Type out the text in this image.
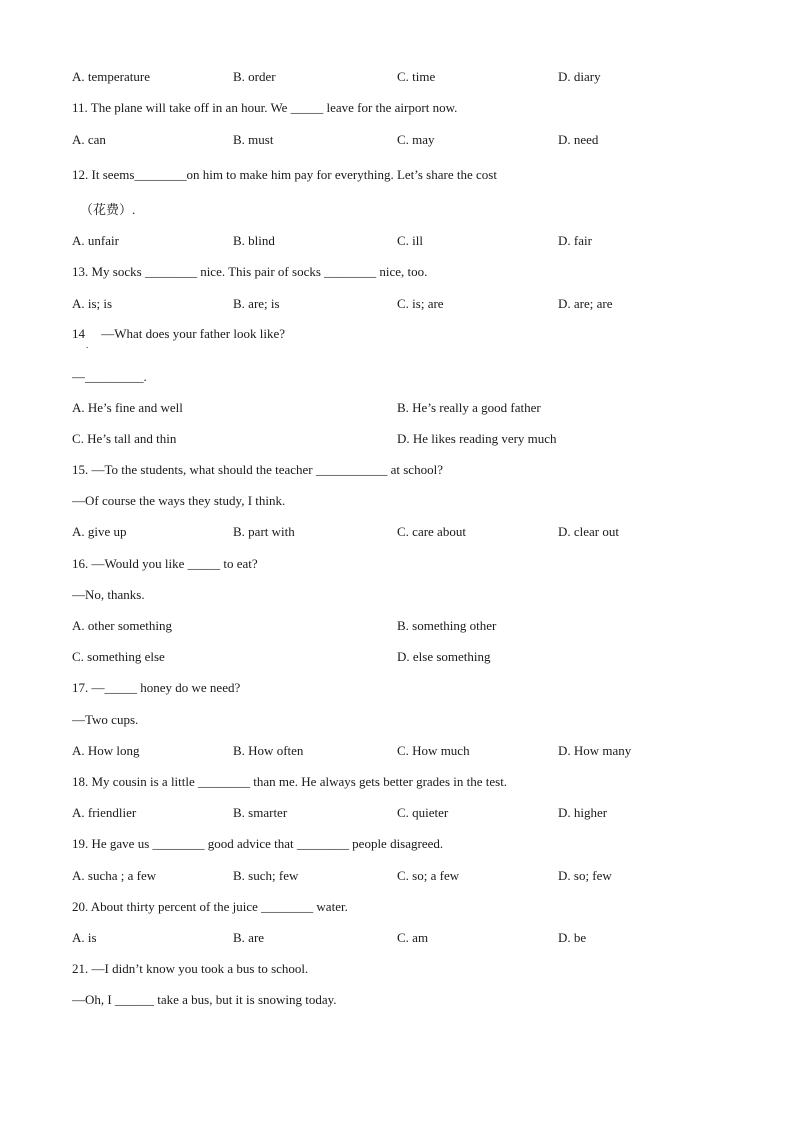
A. temperature	B. order	C. time	D. diary
11. The plane will take off in an hour. We _____ leave for the airport now.
A. can	B. must	C. may	D. need
12. It seems________on him to make him pay for everything. Let’s share the cost
（花费）.
A. unfair	B. blind	C. ill	D. fair
13. My socks ________ nice. This pair of socks ________ nice, too.
A. is; is	B. are; is	C. is; are	D. are; are
14 　—What does your father look like?
.
—_________.
A. He’s fine and well	B. He’s really a good father
C. He’s tall and thin	D. He likes reading very much
15. —To the students, what should the teacher ___________ at school?
—Of course the ways they study, I think.
A. give up	B. part with	C. care about	D. clear out
16. —Would you like _____ to eat?
—No, thanks.
A. other something	B. something other
C. something else	D. else something
17. —_____ honey do we need?
—Two cups.
A. How long	B. How often	C. How much	D. How many
18. My cousin is a little ________ than me. He always gets better grades in the test.
A. friendlier	B. smarter	C. quieter	D. higher
19. He gave us ________ good advice that ________ people disagreed.
A. sucha ; a few	B. such; few	C. so; a few	D. so; few
20. About thirty percent of the juice ________ water.
A. is	B. are	C. am	D. be
21. —I didn’t know you took a bus to school.
—Oh, I ______ take a bus, but it is snowing today.
